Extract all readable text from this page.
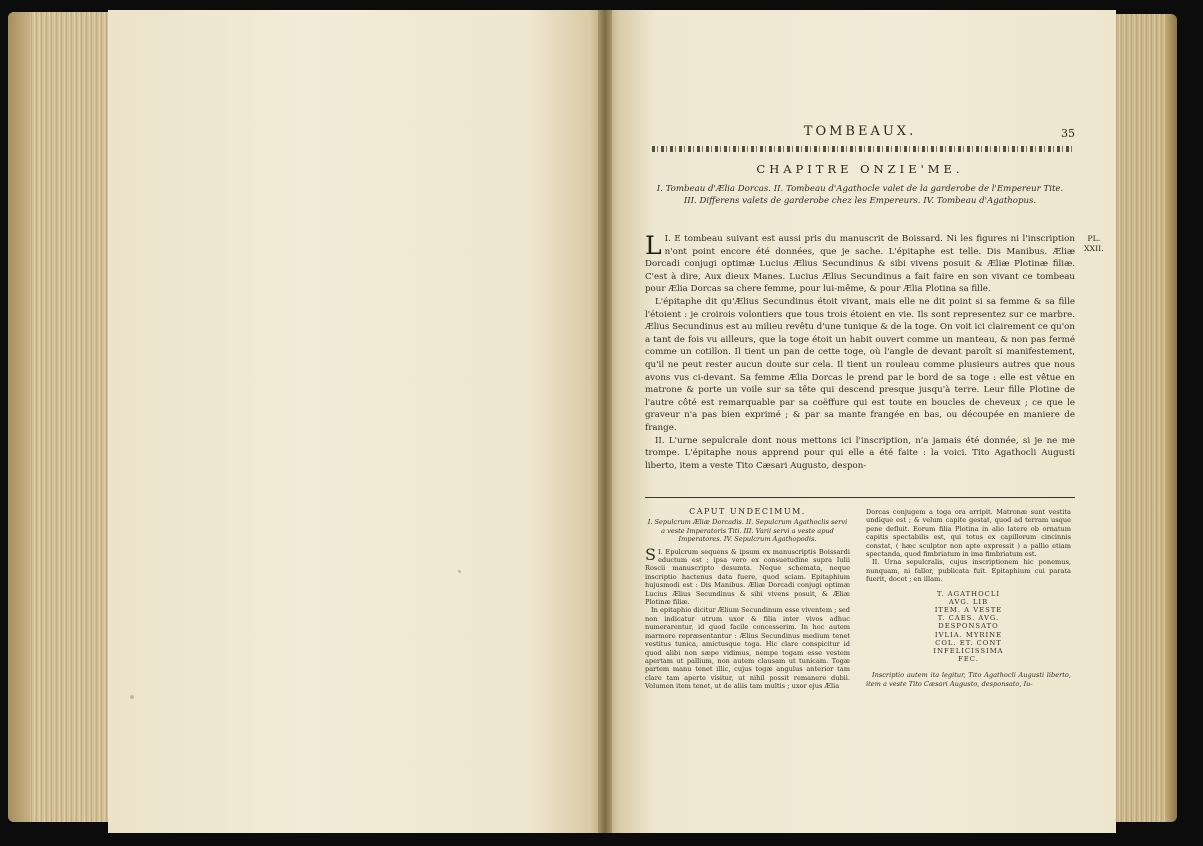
TOMBEAUX.	35
CHAPITRE ONZIE'ME.
I. Tombeau d'Ælia Dorcas. II. Tombeau d'Agathocle valet de la garderobe de l'Empereur Tite. III. Differens valets de garderobe chez les Empereurs. IV. Tombeau d'Agathopus.

I.
L E tombeau suivant est aussi pris du manuscrit de Boissard. Ni les figures ni l'inscription n'ont point encore été données, que je sache. L'épitaphe est telle. Dis Manibus. Æliæ Dorcadi conjugi optimæ Lucius Ælius Secundinus & sibi vivens posuit & Æliæ Plotinæ filiæ. C'est à dire, Aux dieux Manes. Lucius Ælius Secundinus a fait faire en son vivant ce tombeau pour Ælia Dorcas sa chere femme, pour lui-même, & pour Ælia Plotina sa fille.

L'épitaphe dit qu'Ælius Secundinus étoit vivant, mais elle ne dit point si sa femme & sa fille l'étoient : je croirois volontiers que tous trois étoient en vie. Ils sont representez sur ce marbre. Ælius Secundinus est au milieu revêtu d'une tunique & de la toge. On voit ici clairement ce qu'on a tant de fois vu ailleurs, que la toge étoit un habit ouvert comme un manteau, & non pas fermé comme un cotillon. Il tient un pan de cette toge, où l'angle de devant paroît si manifestement, qu'il ne peut rester aucun doute sur cela. Il tient un rouleau comme plusieurs autres que nous avons vus ci-devant. Sa femme Ælia Dorcas le prend par le bord de sa toge : elle est vêtue en matrone & porte un voile sur sa tête qui descend presque jusqu'à terre. Leur fille Plotine de l'autre côté est remarquable par sa coëffure qui est toute en boucles de cheveux ; ce que le graveur n'a pas bien exprimé ; & par sa mante frangée en bas, ou découpée en maniere de frange.

II. L'urne sepulcrale dont nous mettons ici l'inscription, n'a jamais été donnée, si je ne me trompe. L'épitaphe nous apprend pour qui elle a été faite : la voici. Tito Agathocli Augusti liberto, item a veste Tito Cæsari Augusto, despon-

PL.
XXII.
CAPUT UNDECIMUM.
I. Sepulcrum Æliæ Dorcadis. II. Sepulcrum Agathoclis servi a veste Imperatoris Titi. III. Varii servi a veste apud Imperatores. IV. Sepulcrum Agathopodis.

I.
S Epulcrum sequens & ipsum ex manuscriptis Boissardi eductum est ; ipsa vero ex consuetudine supra Iulii Roscii manuscripto desumta. Neque schemata, neque inscriptio hactenus data fuere, quod sciam. Epitaphium hujusmodi est : Dis Manibus. Æliæ Dorcadi conjugi optimæ Lucius Ælius Secundinus & sibi vivens posuit, & Æliæ Plotinæ filiæ.

In epitaphio dicitur Ælium Secundinum esse viventem ; sed non indicatur utrum uxor & filia inter vivos adhuc numerarentur, id quod facile concesserim. In hoc autem marmore repræsentantur : Ælius Secundinus medium tenet vestitus tunica, amictusque toga. Hic clare conspicitur id quod alibi non sæpe vidimus, nempe togam esse vestem apertam ut pallium, non autem clausam ut tunicam. Togæ partem manu tenet illic, cujus togæ angulus anterior tam clare tam aperte visitur, ut nihil possit remanere dubii. Volumen item tenet, ut de aliis tam multis ; uxor ejus Ælia

Dorcas conjugem a toga ora arripit. Matronæ sunt vestita undique est ; & velum capite gestat, quod ad terram usque pene defluit. Eorum filia Plotina in alio latere ob ornatum capitis spectabilis est, qui totus ex capillorum cincinnis constat, ( hæc sculptor non apte expressit ) a pallio etiam spectanda, quod fimbriatum in ima fimbriatum est.

II. Urna sepulcralis, cujus inscriptionem hic ponemus, nunquam, ni fallor, publicata fuit. Epitaphium cui parata fuerit, docet ; en illam.

T. AGATHOCLI
AVG. LIB
ITEM. A VESTE
T. CAES. AVG.
DESPONSATO
IVLIA. MYRINE
COL. ET. CONT
INFELICISSIMA
FEC.

Inscriptio autem ita legitur, Tito Agathocli Augusti liberto, item a veste Tito Cæsari Augusto, desponsato, Iu-
